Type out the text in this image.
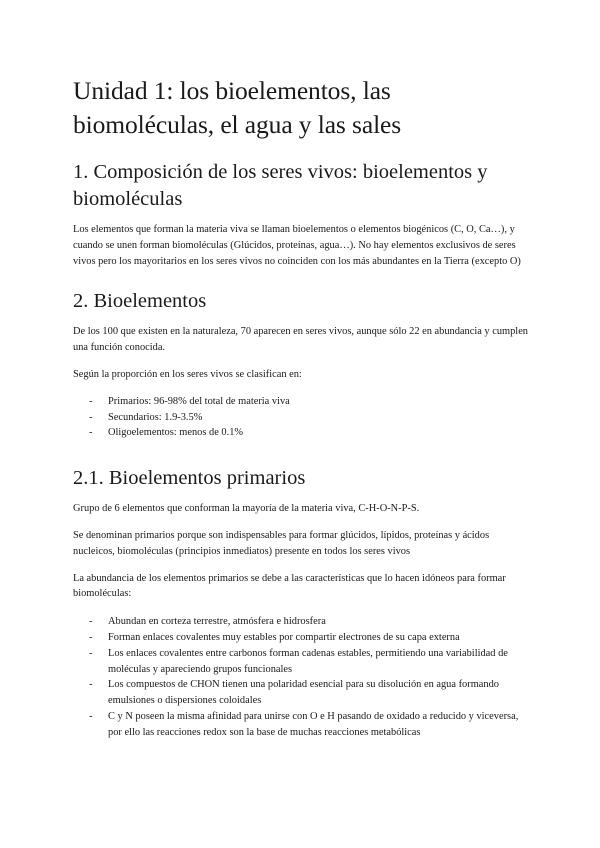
Unidad 1: los bioelementos, las biomoléculas, el agua y las sales
1. Composición de los seres vivos: bioelementos y biomoléculas

Los elementos que forman la materia viva se llaman bioelementos o elementos biogénicos (C, O, Ca…), y cuando se unen forman biomoléculas (Glúcidos, proteínas, agua…). No hay elementos exclusivos de seres vivos pero los mayoritarios en los seres vivos no coinciden con los más abundantes en la Tierra (excepto O)

2. Bioelementos

De los 100 que existen en la naturaleza, 70 aparecen en seres vivos, aunque sólo 22 en abundancia y cumplen una función conocida.

Según la proporción en los seres vivos se clasifican en:

- Primarios: 96-98% del total de materia viva
- Secundarios: 1.9-3.5%
- Oligoelementos: menos de 0.1%
2.1. Bioelementos primarios

Grupo de 6 elementos que conforman la mayoría de la materia viva, C-H-O-N-P-S.

Se denominan primarios porque son indispensables para formar glúcidos, lípidos, proteínas y ácidos nucleicos, biomoléculas (principios inmediatos) presente en todos los seres vivos

La abundancia de los elementos primarios se debe a las características que lo hacen idóneos para formar biomoléculas:

- Abundan en corteza terrestre, atmósfera e hidrosfera
- Forman enlaces covalentes muy estables por compartir electrones de su capa externa
- Los enlaces covalentes entre carbonos forman cadenas estables, permitiendo una variabilidad de moléculas y apareciendo grupos funcionales
- Los compuestos de CHON tienen una polaridad esencial para su disolución en agua formando emulsiones o dispersiones coloidales
- C y N poseen la misma afinidad para unirse con O e H pasando de oxidado a reducido y viceversa, por ello las reacciones redox son la base de muchas reacciones metabólicas
